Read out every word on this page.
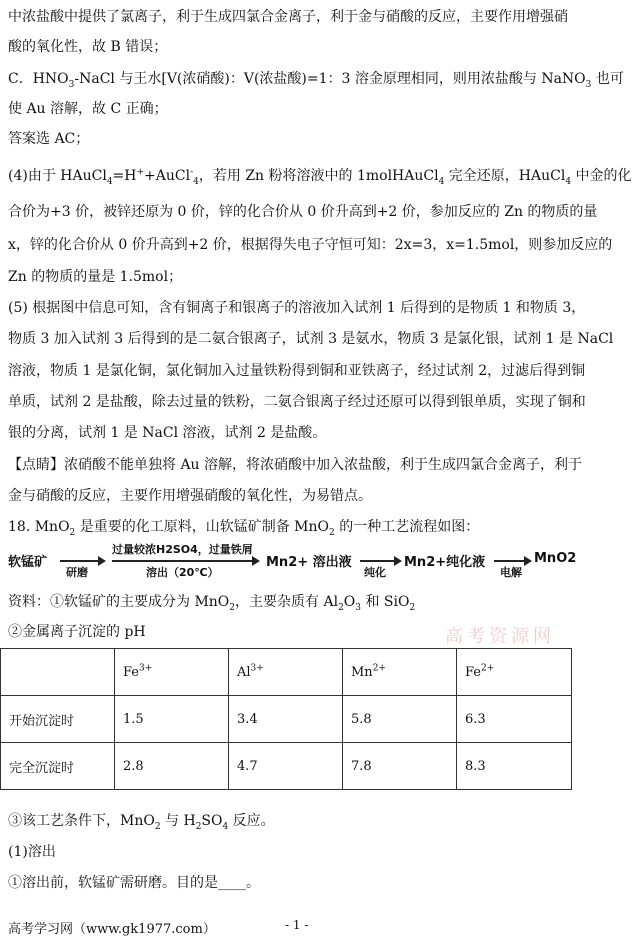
中浓盐酸中提供了氯离子，利于生成四氯合金离子，利于金与硝酸的反应，主要作用增强硝
酸的氧化性，故 B 错误；
C．$HNO_3$-NaCl 与王水[V(浓硝酸)：V(浓盐酸)=1：3 溶金原理相同，则用浓盐酸与 NaNO$_3$ 也可
使 Au 溶解，故 C 正确；
答案选 AC；
(4)由于 HAuCl$_4$=H++AuCl-$_4$，若用 Zn 粉将溶液中的 1molHAuCl$_4$ 完全还原，HAuCl$_4$ 中金的化
合价为+3 价，被锌还原为 0 价，锌的化合价从 0 价升高到+2 价，参加反应的 Zn 的物质的量
x，锌的化合价从 0 价升高到+2 价，根据得失电子守恒可知：2x=3，x=1.5mol，则参加反应的
Zn 的物质的量是 1.5mol；
(5) 根据图中信息可知，含有铜离子和银离子的溶液加入试剂 1 后得到的是物质 1 和物质 3，
物质 3 加入试剂 3 后得到的是二氨合银离子，试剂 3 是氨水，物质 3 是氯化银，试剂 1 是 NaCl
溶液，物质 1 是氯化铜，氯化铜加入过量铁粉得到铜和亚铁离子，经过试剂 2，过滤后得到铜
单质，试剂 2 是盐酸，除去过量的铁粉，二氨合银离子经过还原可以得到银单质，实现了铜和
银的分离，试剂 1 是 NaCl 溶液，试剂 2 是盐酸。
【点睛】浓硝酸不能单独将 Au 溶解，将浓硝酸中加入浓盐酸，利于生成四氯合金离子，利于
金与硝酸的反应，主要作用增强硝酸的氧化性，为易错点。
18. MnO$_2$ 是重要的化工原料，山软锰矿制备 MnO$_2$ 的一种工艺流程如图：
软锰矿
研磨
过量较浓H2SO4，过量铁屑
溶出（20℃）
Mn2+ 溶出液
纯化
Mn2+纯化液
电解
MnO2
资料：①软锰矿的主要成分为 MnO$_2$，主要杂质有 $Al_2O_3$ 和 SiO$_2$
②金属离子沉淀的 pH	高考资源网
	$Fe^{3+}$	$Al^{3+}$	$Mn^{2+}$	$Fe^{2+}$
开始沉淀时	1.5	3.4	5.8	6.3
完全沉淀时	2.8	4.7	7.8	8.3
③该工艺条件下，MnO$_2$ 与 $H_2SO_4$ 反应。
(1)溶出
①溶出前，软锰矿需研磨。目的是____。
高考学习网（www.gk1977.com）	- 1 -
